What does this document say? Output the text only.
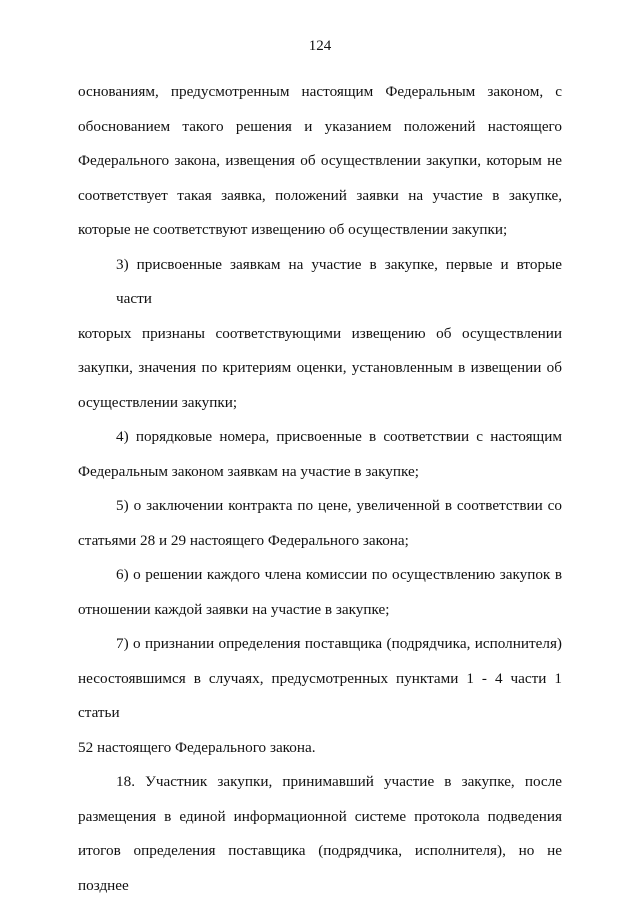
124
основаниям, предусмотренным настоящим Федеральным законом, с
обоснованием такого решения и указанием положений настоящего
Федерального закона, извещения об осуществлении закупки, которым не
соответствует такая заявка, положений заявки на участие в закупке,
которые не соответствуют извещению об осуществлении закупки;
3) присвоенные заявкам на участие в закупке, первые и вторые части
которых признаны соответствующими извещению об осуществлении
закупки, значения по критериям оценки, установленным в извещении об
осуществлении закупки;
4) порядковые номера, присвоенные в соответствии с настоящим
Федеральным законом заявкам на участие в закупке;
5) о заключении контракта по цене, увеличенной в соответствии со
статьями 28 и 29 настоящего Федерального закона;
6) о решении каждого члена комиссии по осуществлению закупок в
отношении каждой заявки на участие в закупке;
7) о признании определения поставщика (подрядчика, исполнителя)
несостоявшимся в случаях, предусмотренных пунктами 1 - 4 части 1 статьи
52 настоящего Федерального закона.
18. Участник закупки, принимавший участие в закупке, после
размещения в единой информационной системе протокола подведения
итогов определения поставщика (подрядчика, исполнителя), но не позднее
